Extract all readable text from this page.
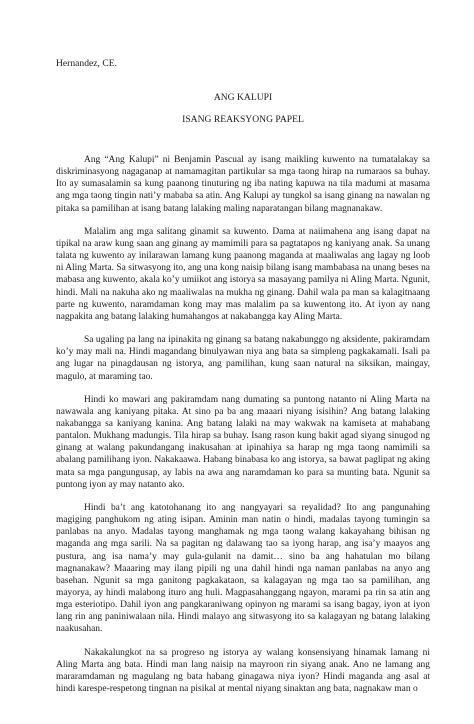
Hernandez, CE.

ANG KALUPI

ISANG REAKSYONG PAPEL

Ang “Ang Kalupi” ni Benjamin Pascual ay isang maikling kuwento na tumatalakay sa diskriminasyong nagaganap at namamagitan partikular sa mga taong hirap na rumaraos sa buhay. Ito ay sumasalamin sa kung paanong tinuturing ng iba nating kapuwa na tila madumi at masama ang mga taong tingin nati’y mababa sa atin. Ang Kalupi ay tungkol sa isang ginang na nawalan ng pitaka sa pamilihan at isang batang lalaking maling naparatangan bilang magnanakaw.

Malalim ang mga salitang ginamit sa kuwento. Dama at naiimahena ang isang dapat na tipikal na araw kung saan ang ginang ay mamimili para sa pagtatapos ng kaniyang anak. Sa unang talata ng kuwento ay inilarawan lamang kung paanong maganda at maaliwalas ang lagay ng loob ni Aling Marta. Sa sitwasyong ito, ang una kong naisip bilang isang mambabasa na unang beses na mabasa ang kuwento, akala ko’y umiikot ang istorya sa masayang pamilya ni Aling Marta. Ngunit, hindi. Mali na nakuha ako ng maaliwalas na mukha ng ginang. Dahil wala pa man sa kalagitnaang parte ng kuwento, naramdaman kong may mas malalim pa sa kuwentong ito. At iyon ay nang nagpakita ang batang lalaking humahangos at nakabangga kay Aling Marta.

Sa ugaling pa lang na ipinakita ng ginang sa batang nakabunggo ng aksidente, pakiramdam ko’y may mali na. Hindi magandang binulyawan niya ang bata sa simpleng pagkakamali. Isali pa ang lugar na pinagdausan ng istorya, ang pamilihan, kung saan natural na siksikan, maingay, magulo, at maraming tao.

Hindi ko mawari ang pakiramdam nang dumating sa puntong natanto ni Aling Marta na nawawala ang kaniyang pitaka. At sino pa ba ang maaari niyang isisihin? Ang batang lalaking nakabangga sa kaniyang kanina. Ang batang lalaki na may wakwak na kamiseta at mahabang pantalon. Mukhang madungis. Tila hirap sa buhay. Isang rason kung bakit agad siyang sinugod ng ginang at walang pakundangang inakusahan at ipinahiya sa harap ng mga taong namimili sa abalang pamilihang iyon. Nakakaawa. Habang binabasa ko ang istorya, sa bawat paglipat ng aking mata sa mga pangungusap, ay labis na awa ang naramdaman ko para sa munting bata. Ngunit sa puntong iyon ay may natanto ako.

Hindi ba’t ang katotohanang ito ang nangyayari sa reyalidad? Ito ang pangunahing magiging panghukom ng ating isipan. Aminin man natin o hindi, madalas tayong tumingin sa panlabas na anyo. Madalas tayong manghamak ng mga taong walang kakayahang bihisan ng maganda ang mga sarili. Na sa pagitan ng dalawang tao sa iyong harap, ang isa’y maayos ang pustura, ang isa nama’y may gula-gulanit na damit… sino ba ang hahatulan mo bilang magnanakaw? Maaaring may ilang pipili ng una dahil hindi nga naman panlabas na anyo ang basehan. Ngunit sa mga ganitong pagkakataon, sa kalagayan ng mga tao sa pamilihan, ang mayorya, ay hindi malabong ituro ang huli. Magpasahanggang ngayon, marami pa rin sa atin ang mga esteriotipo. Dahil iyon ang pangkaraniwang opinyon ng marami sa isang bagay, iyon at iyon lang rin ang paniniwalaan nila. Hindi malayo ang sitwasyong ito sa kalagayan ng batang lalaking naakusahan.

Nakakalungkot na sa progreso ng istorya ay walang konsensiyang hinamak lamang ni Aling Marta ang bata. Hindi man lang naisip na mayroon rin siyang anak. Ano ne lamang ang mararamdaman ng magulang ng bata habang ginagawa niya iyon? Hindi maganda ang asal at hindi karespe-respetong tingnan na pisikal at mental niyang sinaktan ang bata, nagnakaw man o
